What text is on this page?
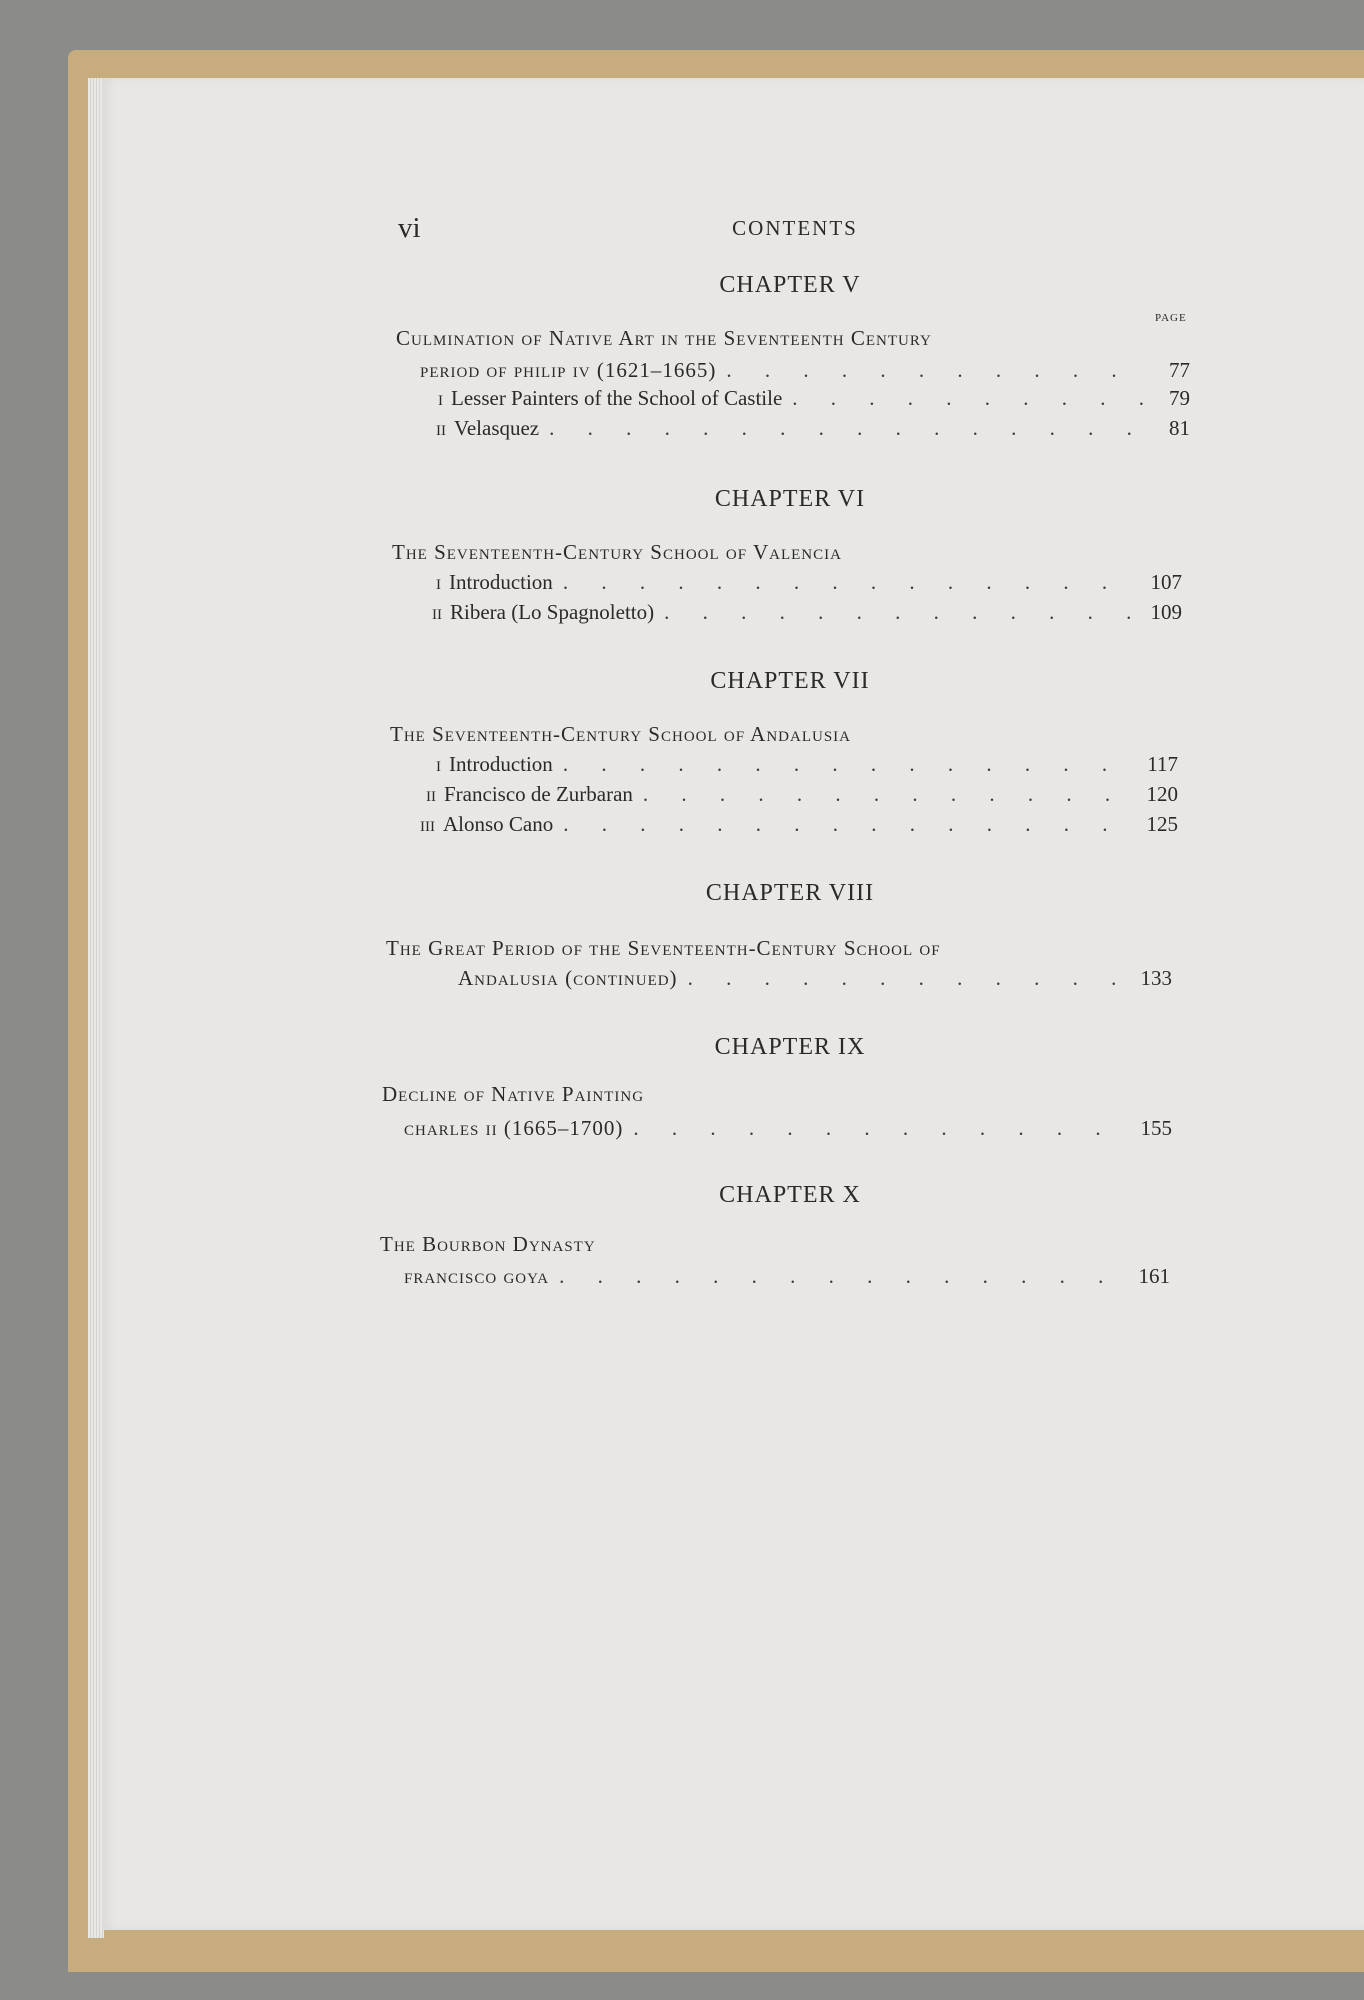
vi	CONTENTS
CHAPTER V
PAGE
Culmination of Native Art in the Seventeenth Century
period of philip iv (1621–1665) . . .	77
i Lesser Painters of the School of Castile . . .	79
ii Velasquez . . .	81
CHAPTER VI
The Seventeenth-Century School of Valencia
i Introduction . . .	107
ii Ribera (Lo Spagnoletto) . . .	109
CHAPTER VII
The Seventeenth-Century School of Andalusia
i Introduction . . .	117
ii Francisco de Zurbaran . . .	120
iii Alonso Cano . . .	125
CHAPTER VIII
The Great Period of the Seventeenth-Century School of
Andalusia (continued) . . .	133
CHAPTER IX
Decline of Native Painting
charles ii (1665–1700) . . .	155
CHAPTER X
The Bourbon Dynasty
francisco goya . . .	161
